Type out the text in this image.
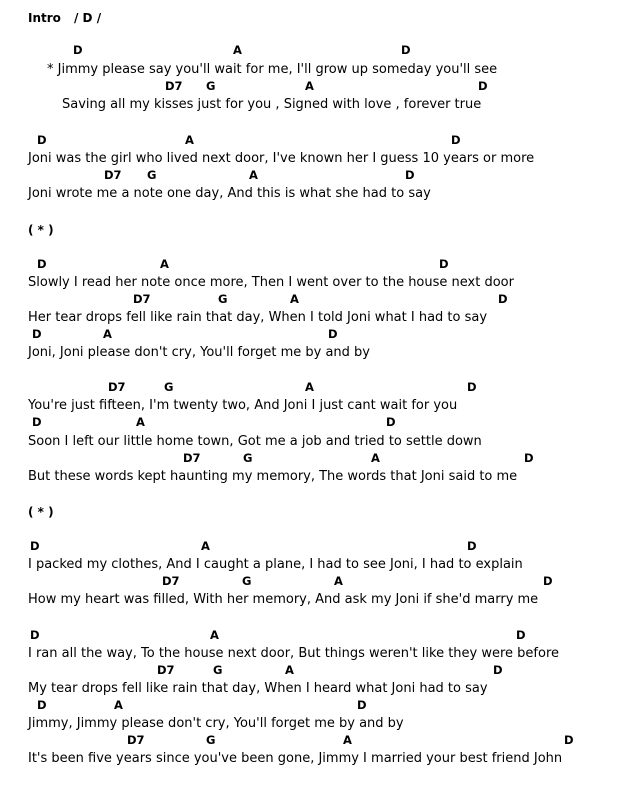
Intro / D /
D	A	D
* Jimmy please say you'll wait for me, I'll grow up someday you'll see
D7 G	A	D
Saving all my kisses just for you , Signed with love , forever true
D	A	D
Joni was the girl who lived next door, I've known her I guess 10 years or more
D7 G	A	D
Joni wrote me a note one day, And this is what she had to say
( * )
D	A	D
Slowly I read her note once more, Then I went over to the house next door
D7	G	A	D
Her tear drops fell like rain that day, When I told Joni what I had to say
D	A	D
Joni, Joni please don't cry, You'll forget me by and by
D7	G	A	D
You're just fifteen, I'm twenty two, And Joni I just cant wait for you
D	A	D
Soon I left our little home town, Got me a job and tried to settle down
D7	G	A	D
But these words kept haunting my memory, The words that Joni said to me
( * )
D	A	D
I packed my clothes, And I caught a plane, I had to see Joni, I had to explain
D7	G	A	D
How my heart was filled, With her memory, And ask my Joni if she'd marry me
D	A	D
I ran all the way, To the house next door, But things weren't like they were before
D7	G	A	D
My tear drops fell like rain that day, When I heard what Joni had to say
D	A	D
Jimmy, Jimmy please don't cry, You'll forget me by and by
D7	G	A	D
It's been five years since you've been gone, Jimmy I married your best friend John
